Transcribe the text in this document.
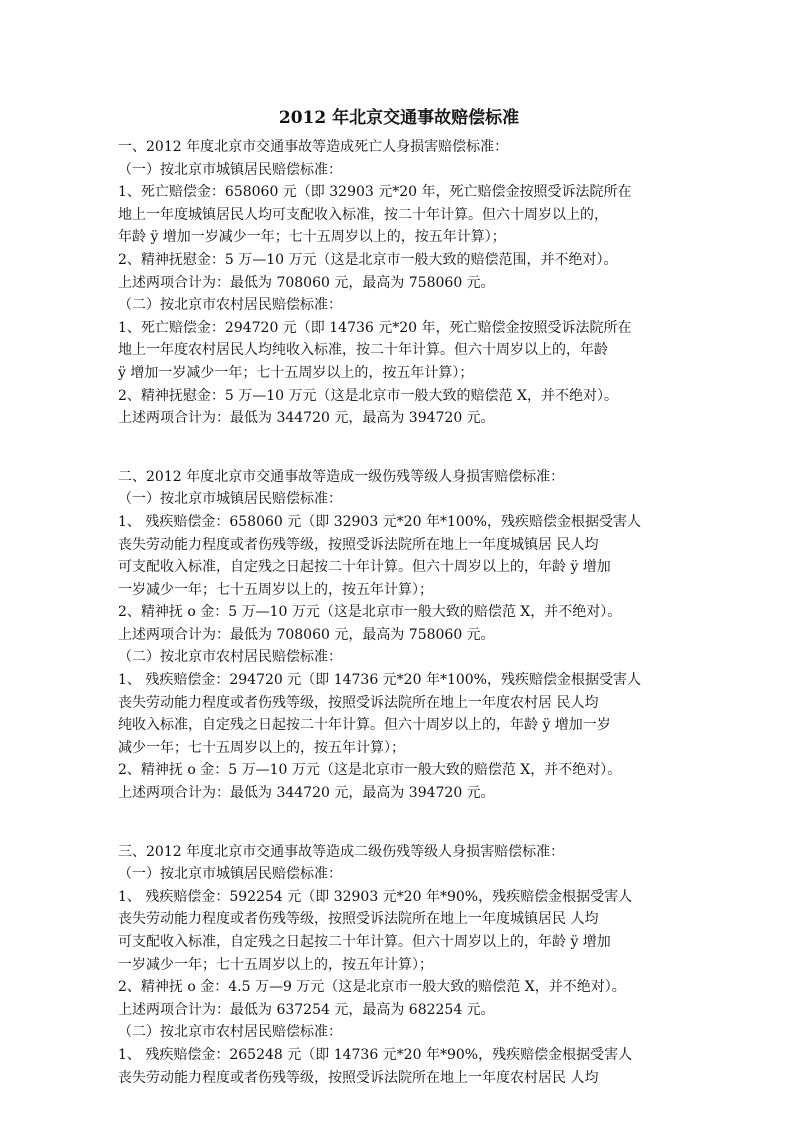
2012 年北京交通事故赔偿标准
一、2012 年度北京市交通事故等造成死亡人身损害赔偿标准：
（一）按北京市城镇居民赔偿标准：
1、死亡赔偿金：658060 元（即 32903 元*20 年，死亡赔偿金按照受诉法院所在
地上一年度城镇居民人均可支配收入标准，按二十年计算。但六十周岁以上的，
年龄 ÿ 增加一岁减少一年；七十五周岁以上的，按五年计算）；
2、精神抚慰金：5 万—10 万元（这是北京市一般大致的赔偿范围，并不绝对）。
上述两项合计为：最低为 708060 元，最高为 758060 元。
（二）按北京市农村居民赔偿标准：
1、死亡赔偿金：294720 元（即 14736 元*20 年，死亡赔偿金按照受诉法院所在
地上一年度农村居民人均纯收入标准，按二十年计算。但六十周岁以上的，年龄
ÿ 增加一岁减少一年；七十五周岁以上的，按五年计算）；
2、精神抚慰金：5 万—10 万元（这是北京市一般大致的赔偿范 X，并不绝对）。
上述两项合计为：最低为 344720 元，最高为 394720 元。
二、2012 年度北京市交通事故等造成一级伤残等级人身损害赔偿标准：
（一）按北京市城镇居民赔偿标准：
1、 残疾赔偿金：658060 元（即 32903 元*20 年*100%，残疾赔偿金根据受害人
丧失劳动能力程度或者伤残等级，按照受诉法院所在地上一年度城镇居 民人均
可支配收入标准，自定残之日起按二十年计算。但六十周岁以上的，年龄 ÿ 增加
一岁减少一年；七十五周岁以上的，按五年计算）；
2、精神抚 o 金：5 万—10 万元（这是北京市一般大致的赔偿范 X，并不绝对）。
上述两项合计为：最低为 708060 元，最高为 758060 元。
（二）按北京市农村居民赔偿标准：
1、 残疾赔偿金：294720 元（即 14736 元*20 年*100%，残疾赔偿金根据受害人
丧失劳动能力程度或者伤残等级，按照受诉法院所在地上一年度农村居 民人均
纯收入标准，自定残之日起按二十年计算。但六十周岁以上的，年龄 ÿ 增加一岁
减少一年；七十五周岁以上的，按五年计算）；
2、精神抚 o 金：5 万—10 万元（这是北京市一般大致的赔偿范 X，并不绝对）。
上述两项合计为：最低为 344720 元，最高为 394720 元。
三、2012 年度北京市交通事故等造成二级伤残等级人身损害赔偿标准：
（一）按北京市城镇居民赔偿标准：
1、 残疾赔偿金：592254 元（即 32903 元*20 年*90%，残疾赔偿金根据受害人
丧失劳动能力程度或者伤残等级，按照受诉法院所在地上一年度城镇居民 人均
可支配收入标准，自定残之日起按二十年计算。但六十周岁以上的，年龄 ÿ 增加
一岁减少一年；七十五周岁以上的，按五年计算）；
2、精神抚 o 金：4.5 万—9 万元（这是北京市一般大致的赔偿范 X，并不绝对）。
上述两项合计为：最低为 637254 元，最高为 682254 元。
（二）按北京市农村居民赔偿标准：
1、 残疾赔偿金：265248 元（即 14736 元*20 年*90%，残疾赔偿金根据受害人
丧失劳动能力程度或者伤残等级，按照受诉法院所在地上一年度农村居民 人均
